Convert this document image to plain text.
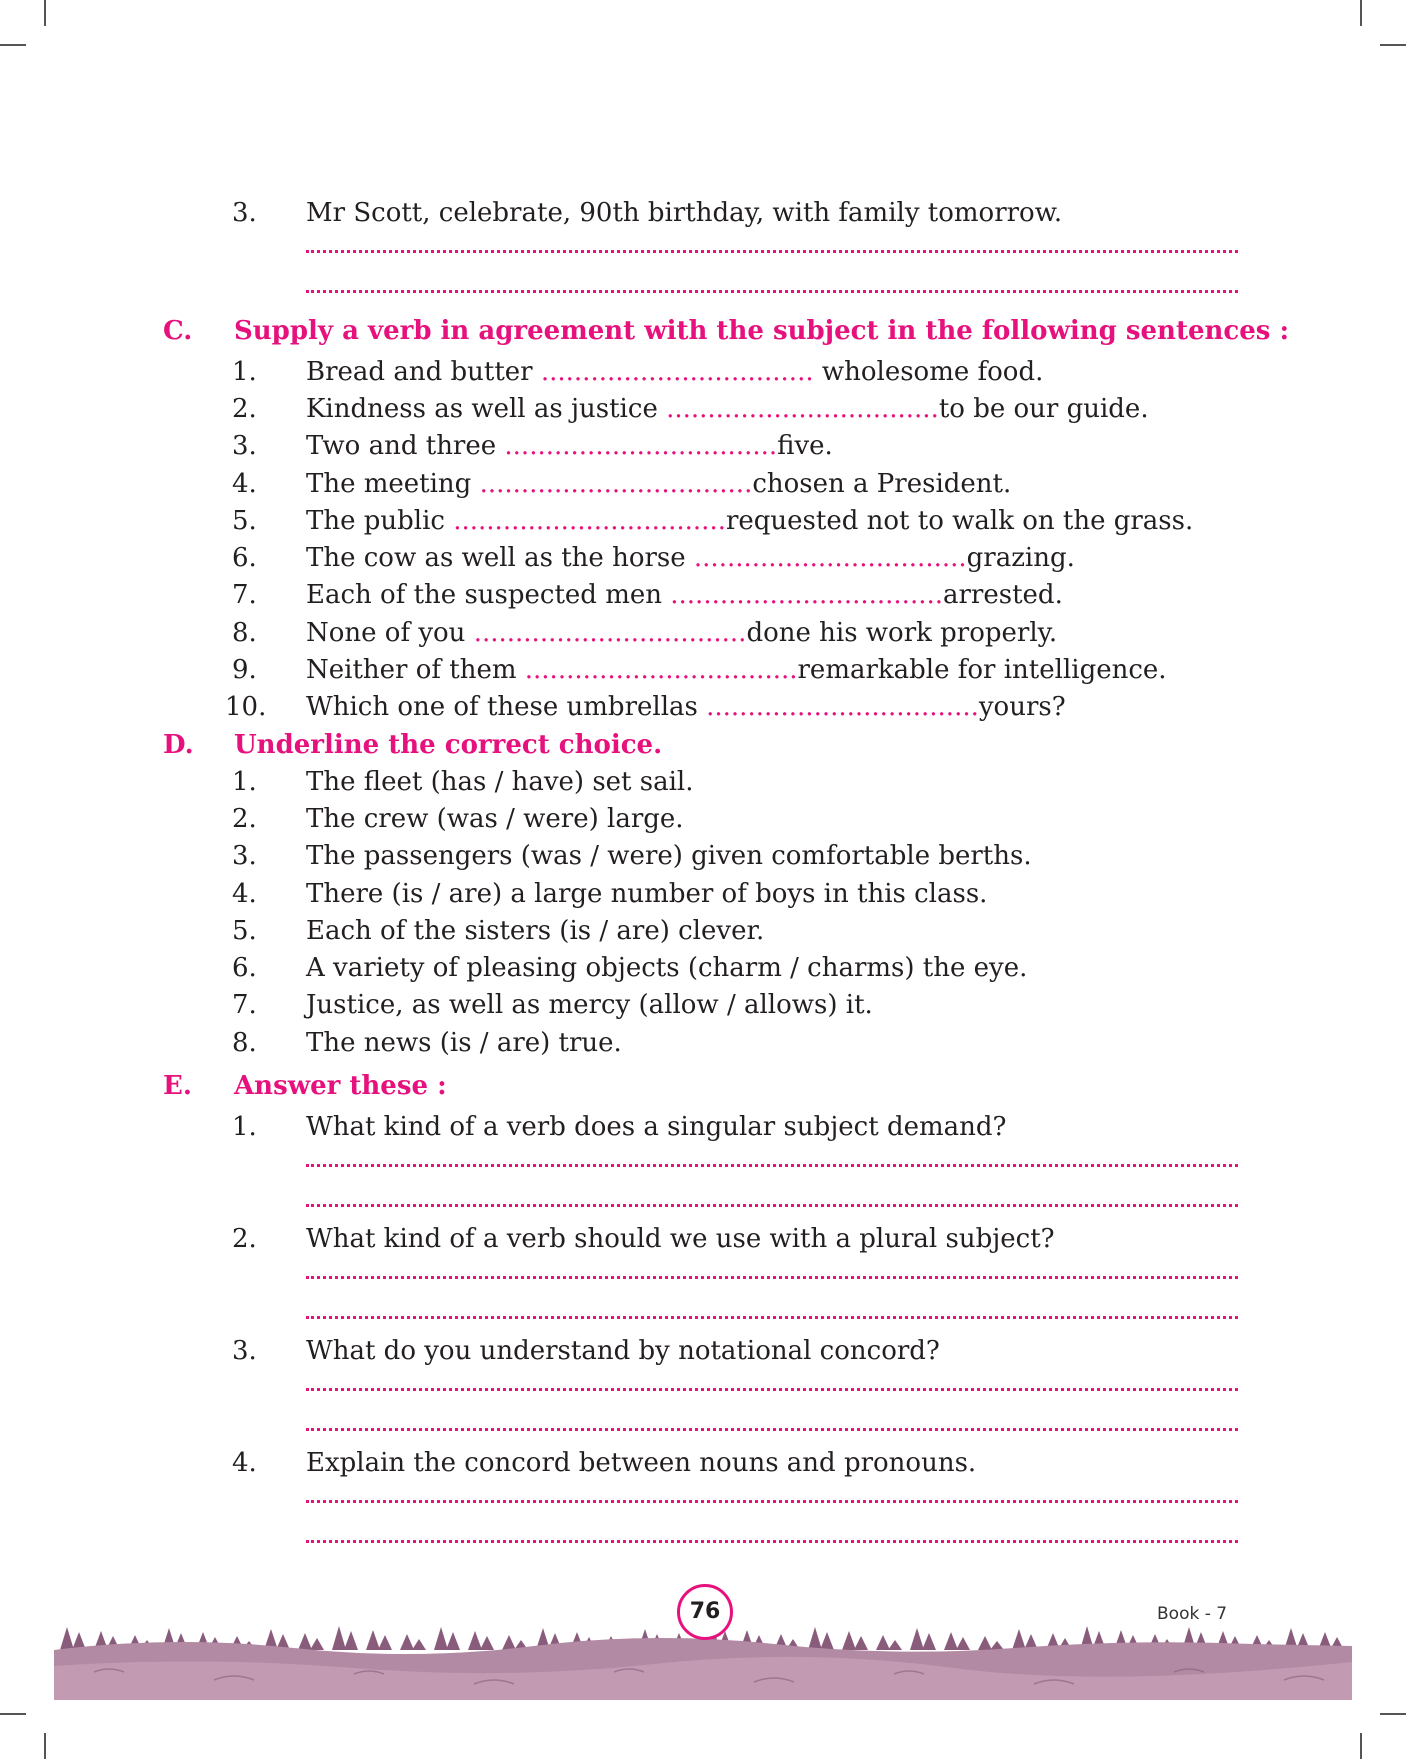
3. Mr Scott, celebrate, 90th birthday, with family tomorrow.
C. Supply a verb in agreement with the subject in the following sentences :
1. Bread and butter ................................. wholesome food.
2. Kindness as well as justice .................................to be our guide.
3. Two and three .................................five.
4. The meeting .................................chosen a President.
5. The public .................................requested not to walk on the grass.
6. The cow as well as the horse .................................grazing.
7. Each of the suspected men .................................arrested.
8. None of you .................................done his work properly.
9. Neither of them .................................remarkable for intelligence.
10. Which one of these umbrellas .................................yours?
D. Underline the correct choice.
1. The fleet (has / have) set sail.
2. The crew (was / were) large.
3. The passengers (was / were) given comfortable berths.
4. There (is / are) a large number of boys in this class.
5. Each of the sisters (is / are) clever.
6. A variety of pleasing objects (charm / charms) the eye.
7. Justice, as well as mercy (allow / allows) it.
8. The news (is / are) true.
E. Answer these :
1. What kind of a verb does a singular subject demand?
2. What kind of a verb should we use with a plural subject?
3. What do you understand by notational concord?
4. Explain the concord between nouns and pronouns.
76	Book - 7
